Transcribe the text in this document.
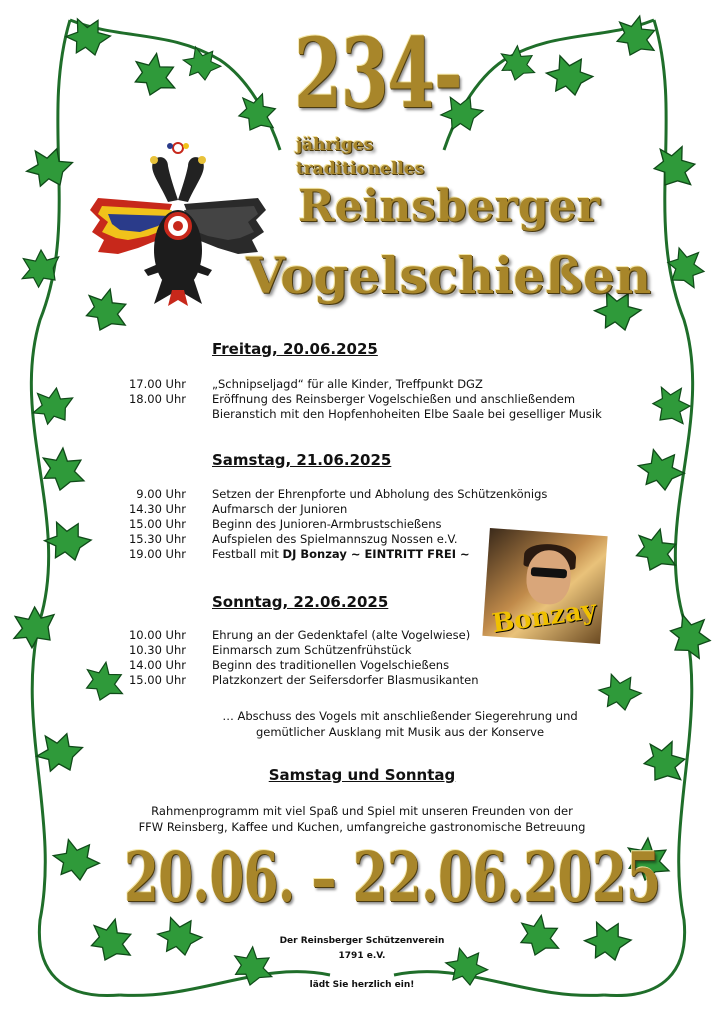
234-
jähriges
traditionelles
Reinsberger
Vogelschießen
Freitag, 20.06.2025
17.00 Uhr „Schnipseljagd“ für alle Kinder, Treffpunkt DGZ
18.00 Uhr Eröffnung des Reinsberger Vogelschießen und anschließendem
Bieranstich mit den Hopfenhoheiten Elbe Saale bei geselliger Musik
Samstag, 21.06.2025
9.00 Uhr Setzen der Ehrenpforte und Abholung des Schützenkönigs
14.30 Uhr Aufmarsch der Junioren
15.00 Uhr Beginn des Junioren-Armbrustschießens
15.30 Uhr Aufspielen des Spielmannszug Nossen e.V.
19.00 Uhr Festball mit DJ Bonzay ~ EINTRITT FREI ~
Bonzay
Sonntag, 22.06.2025
10.00 Uhr Ehrung an der Gedenktafel (alte Vogelwiese)
10.30 Uhr Einmarsch zum Schützenfrühstück
14.00 Uhr Beginn des traditionellen Vogelschießens
15.00 Uhr Platzkonzert der Seifersdorfer Blasmusikanten
… Abschuss des Vogels mit anschließender Siegerehrung und
gemütlicher Ausklang mit Musik aus der Konserve
Samstag und Sonntag
Rahmenprogramm mit viel Spaß und Spiel mit unseren Freunden von der
FFW Reinsberg, Kaffee und Kuchen, umfangreiche gastronomische Betreuung
20.06. – 22.06.2025
Der Reinsberger Schützenverein
1791 e.V.
lädt Sie herzlich ein!
